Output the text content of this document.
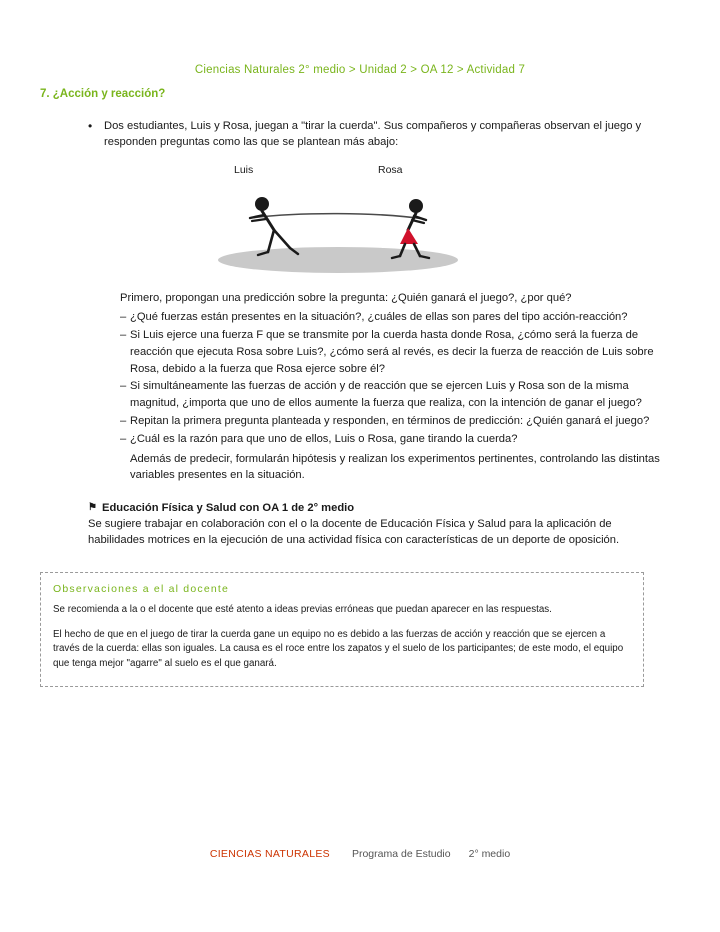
Ciencias Naturales 2° medio > Unidad 2 > OA 12 > Actividad 7
7. ¿Acción y reacción?
•	Dos estudiantes, Luis y Rosa, juegan a "tirar la cuerda". Sus compañeros y compañeras observan el juego y responden preguntas como las que se plantean más abajo:
Luis	Rosa
Primero, propongan una predicción sobre la pregunta: ¿Quién ganará el juego?, ¿por qué?
– ¿Qué fuerzas están presentes en la situación?, ¿cuáles de ellas son pares del tipo acción-reacción?
– Si Luis ejerce una fuerza F que se transmite por la cuerda hasta donde Rosa, ¿cómo será la fuerza de reacción que ejecuta Rosa sobre Luis?, ¿cómo será al revés, es decir la fuerza de reacción de Luis sobre Rosa, debido a la fuerza que Rosa ejerce sobre él?
– Si simultáneamente las fuerzas de acción y de reacción que se ejercen Luis y Rosa son de la misma magnitud, ¿importa que uno de ellos aumente la fuerza que realiza, con la intención de ganar el juego?
– Repitan la primera pregunta planteada y responden, en términos de predicción: ¿Quién ganará el juego?
– ¿Cuál es la razón para que uno de ellos, Luis o Rosa, gane tirando la cuerda?
Además de predecir, formularán hipótesis y realizan los experimentos pertinentes, controlando las distintas variables presentes en la situación.
⚑ Educación Física y Salud con OA 1 de 2° medio
Se sugiere trabajar en colaboración con el o la docente de Educación Física y Salud para la aplicación de habilidades motrices en la ejecución de una actividad física con características de un deporte de oposición.
Observaciones a el al docente

Se recomienda a la o el docente que esté atento a ideas previas erróneas que puedan aparecer en las respuestas.

El hecho de que en el juego de tirar la cuerda gane un equipo no es debido a las fuerzas de acción y reacción que se ejercen a través de la cuerda: ellas son iguales. La causa es el roce entre los zapatos y el suelo de los participantes; de este modo, el equipo que tenga mejor "agarre" al suelo es el que ganará.

CIENCIAS NATURALES Programa de Estudio 2° medio
